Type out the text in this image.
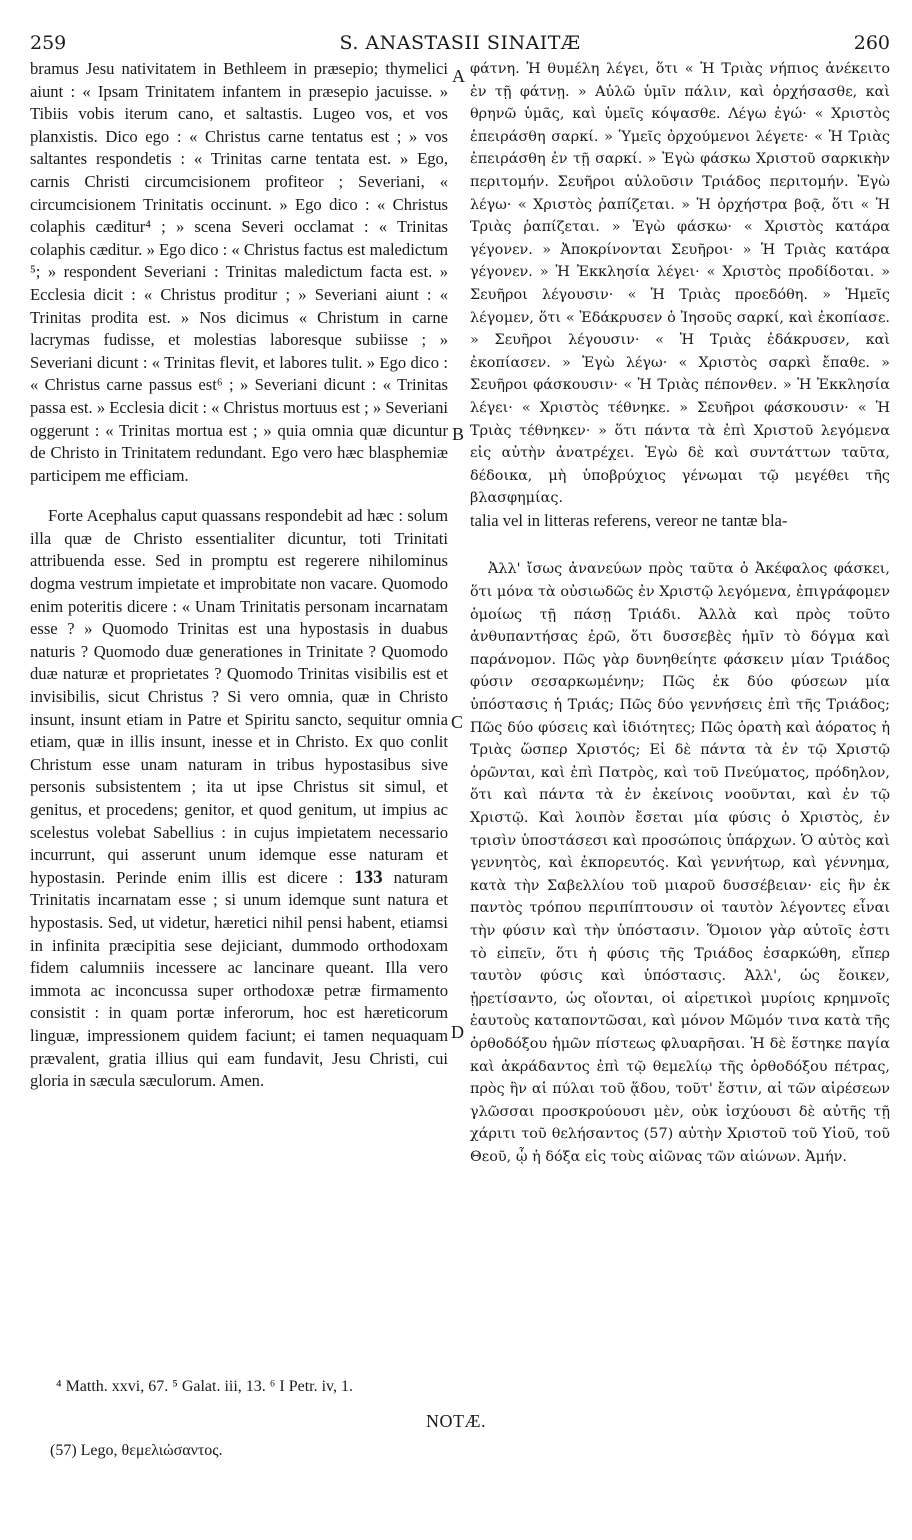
259	S. ANASTASII SINAITÆ	260

bramus Jesu nativitatem in Bethleem in præsepio; thymelici aiunt : « Ipsam Trinitatem infantem in præsepio jacuisse. » Tibiis vobis iterum cano, et saltastis. Lugeo vos, et vos planxistis. Dico ego : « Christus carne tentatus est ; » vos saltantes respondetis : « Trinitas carne tentata est. » Ego, carnis Christi circumcisionem profiteor ; Severiani, « circumcisionem Trinitatis occinunt. » Ego dico : « Christus colaphis cæditur⁴ ; » scena Severi occlamat : « Trinitas colaphis cæditur. » Ego dico : « Christus factus est maledictum ⁵; » respondent Severiani : Trinitas maledictum facta est. » Ecclesia dicit : « Christus proditur ; » Severiani aiunt : « Trinitas prodita est. » Nos dicimus « Christum in carne lacrymas fudisse, et molestias laboresque subiisse ; » Severiani dicunt : « Trinitas flevit, et labores tulit. » Ego dico : « Christus carne passus est⁶ ; » Severiani dicunt : « Trinitas passa est. » Ecclesia dicit : « Christus mortuus est ; » Severiani oggerunt : « Trinitas mortua est ; » quia omnia quæ dicuntur de Christo in Trinitatem redundant. Ego vero hæc blasphemiæ participem me efficiam.

Forte Acephalus caput quassans respondebit ad hæc : solum illa quæ de Christo essentialiter dicuntur, toti Trinitati attribuenda esse. Sed in promptu est regerere nihilominus dogma vestrum impietate et improbitate non vacare. Quomodo enim poteritis dicere : « Unam Trinitatis personam incarnatam esse ? » Quomodo Trinitas est una hypostasis in duabus naturis ? Quomodo duæ generationes in Trinitate ? Quomodo duæ naturæ et proprietates ? Quomodo Trinitas visibilis est et invisibilis, sicut Christus ? Si vero omnia, quæ in Christo insunt, insunt etiam in Patre et Spiritu sancto, sequitur omnia etiam, quæ in illis insunt, inesse et in Christo. Ex quo conlit Christum esse unam naturam in tribus hypostasibus sive personis subsistentem ; ita ut ipse Christus sit simul, et genitus, et procedens; genitor, et quod genitum, ut impius ac scelestus volebat Sabellius : in cujus impietatem necessario incurrunt, qui asserunt unum idemque esse naturam et hypostasin. Perinde enim illis est dicere : 133 naturam Trinitatis incarnatam esse ; si unum idemque sunt natura et hypostasis. Sed, ut videtur, hæretici nihil pensi habent, etiamsi in infinita præcipitia sese dejiciant, dummodo orthodoxam fidem calumniis incessere ac lancinare queant. Illa vero immota ac inconcussa super orthodoxæ petræ firmamento consistit : in quam portæ inferorum, hoc est hæreticorum linguæ, impressionem quidem faciunt; ei tamen nequaquam prævalent, gratia illius qui eam fundavit, Jesu Christi, cui gloria in sæcula sæculorum. Amen.

A
B
C
D

φάτνη. Ἡ θυμέλη λέγει, ὅτι « Ἡ Τριὰς νήπιος ἀνέκειτο ἐν τῇ φάτνῃ. » Αὐλῶ ὑμῖν πάλιν, καὶ ὀρχήσασθε, καὶ θρηνῶ ὑμᾶς, καὶ ὑμεῖς κόψασθε. Λέγω ἐγώ· « Χριστὸς ἐπειράσθη σαρκί. » Ὑμεῖς ὀρχούμενοι λέγετε· « Ἡ Τριὰς ἐπειράσθη ἐν τῇ σαρκί. » Ἐγὼ φάσκω Χριστοῦ σαρκικὴν περιτομήν. Σευῆροι αὐλοῦσιν Τριάδος περιτομήν. Ἐγὼ λέγω· « Χριστὸς ῥαπίζεται. » Ἡ ὀρχήστρα βοᾷ, ὅτι « Ἡ Τριὰς ῥαπίζεται. » Ἐγὼ φάσκω· « Χριστὸς κατάρα γέγονεν. » Ἀποκρίνονται Σευῆροι· » Ἡ Τριὰς κατάρα γέγονεν. » Ἡ Ἐκκλησία λέγει· « Χριστὸς προδίδοται. » Σευῆροι λέγουσιν· « Ἡ Τριὰς προεδόθη. » Ἡμεῖς λέγομεν, ὅτι « Ἐδάκρυσεν ὁ Ἰησοῦς σαρκί, καὶ ἐκοπίασε. » Σευῆροι λέγουσιν· « Ἡ Τριὰς ἐδάκρυσεν, καὶ ἐκοπίασεν. » Ἐγὼ λέγω· « Χριστὸς σαρκὶ ἔπαθε. » Σευῆροι φάσκουσιν· « Ἡ Τριὰς πέπονθεν. » Ἡ Ἐκκλησία λέγει· « Χριστὸς τέθνηκε. » Σευῆροι φάσκουσιν· « Ἡ Τριὰς τέθνηκεν· » ὅτι πάντα τὰ ἐπὶ Χριστοῦ λεγόμενα εἰς αὐτὴν ἀνατρέχει. Ἐγὼ δὲ καὶ συντάττων ταῦτα, δέδοικα, μὴ ὑποβρύχιος γένωμαι τῷ μεγέθει τῆς βλασφημίας.

talia vel in litteras referens, vereor ne tantæ bla-

Ἀλλ' ἴσως ἀνανεύων πρὸς ταῦτα ὁ Ἀκέφαλος φάσκει, ὅτι μόνα τὰ οὐσιωδῶς ἐν Χριστῷ λεγόμενα, ἐπιγράφομεν ὁμοίως τῇ πάσῃ Τριάδι. Ἀλλὰ καὶ πρὸς τοῦτο ἀνθυπαντήσας ἐρῶ, ὅτι δυσσεβὲς ἡμῖν τὸ δόγμα καὶ παράνομον. Πῶς γὰρ δυνηθείητε φάσκειν μίαν Τριάδος φύσιν σεσαρκωμένην; Πῶς ἐκ δύο φύσεων μία ὑπόστασις ἡ Τριάς; Πῶς δύο γεννήσεις ἐπὶ τῆς Τριάδος; Πῶς δύο φύσεις καὶ ἰδιότητες; Πῶς ὁρατὴ καὶ ἀόρατος ἡ Τριὰς ὥσπερ Χριστός; Εἰ δὲ πάντα τὰ ἐν τῷ Χριστῷ ὁρῶνται, καὶ ἐπὶ Πατρὸς, καὶ τοῦ Πνεύματος, πρόδηλον, ὅτι καὶ πάντα τὰ ἐν ἐκείνοις νοοῦνται, καὶ ἐν τῷ Χριστῷ. Καὶ λοιπὸν ἔσεται μία φύσις ὁ Χριστὸς, ἐν τρισὶν ὑποστάσεσι καὶ προσώποις ὑπάρχων. Ὁ αὐτὸς καὶ γεννητὸς, καὶ ἐκπορευτός. Καὶ γεννήτωρ, καὶ γέννημα, κατὰ τὴν Σαβελλίου τοῦ μιαροῦ δυσσέβειαν· εἰς ἣν ἐκ παντὸς τρόπου περιπίπτουσιν οἱ ταυτὸν λέγοντες εἶναι τὴν φύσιν καὶ τὴν ὑπόστασιν. Ὅμοιον γὰρ αὐτοῖς ἐστι τὸ εἰπεῖν, ὅτι ἡ φύσις τῆς Τριάδος ἐσαρκώθη, εἴπερ ταυτὸν φύσις καὶ ὑπόστασις. Ἀλλ', ὡς ἔοικεν, ᾑρετίσαντο, ὡς οἴονται, οἱ αἱρετικοὶ μυρίοις κρημνοῖς ἑαυτοὺς καταποντῶσαι, καὶ μόνον Μῶμόν τινα κατὰ τῆς ὀρθοδόξου ἡμῶν πίστεως φλυαρῆσαι. Ἡ δὲ ἕστηκε παγία καὶ ἀκράδαντος ἐπὶ τῷ θεμελίῳ τῆς ὀρθοδόξου πέτρας, πρὸς ἣν αἱ πύλαι τοῦ ᾅδου, τοῦτ' ἔστιν, αἱ τῶν αἱρέσεων γλῶσσαι προσκρούουσι μὲν, οὐκ ἰσχύουσι δὲ αὐτῆς τῇ χάριτι τοῦ θελήσαντος (57) αὐτὴν Χριστοῦ τοῦ Υἱοῦ, τοῦ Θεοῦ, ᾧ ἡ δόξα εἰς τοὺς αἰῶνας τῶν αἰώνων. Ἀμήν.

⁴ Matth. xxvi, 67. ⁵ Galat. iii, 13. ⁶ I Petr. iv, 1.
NOTÆ.
(57) Lego, θεμελιώσαντος.
